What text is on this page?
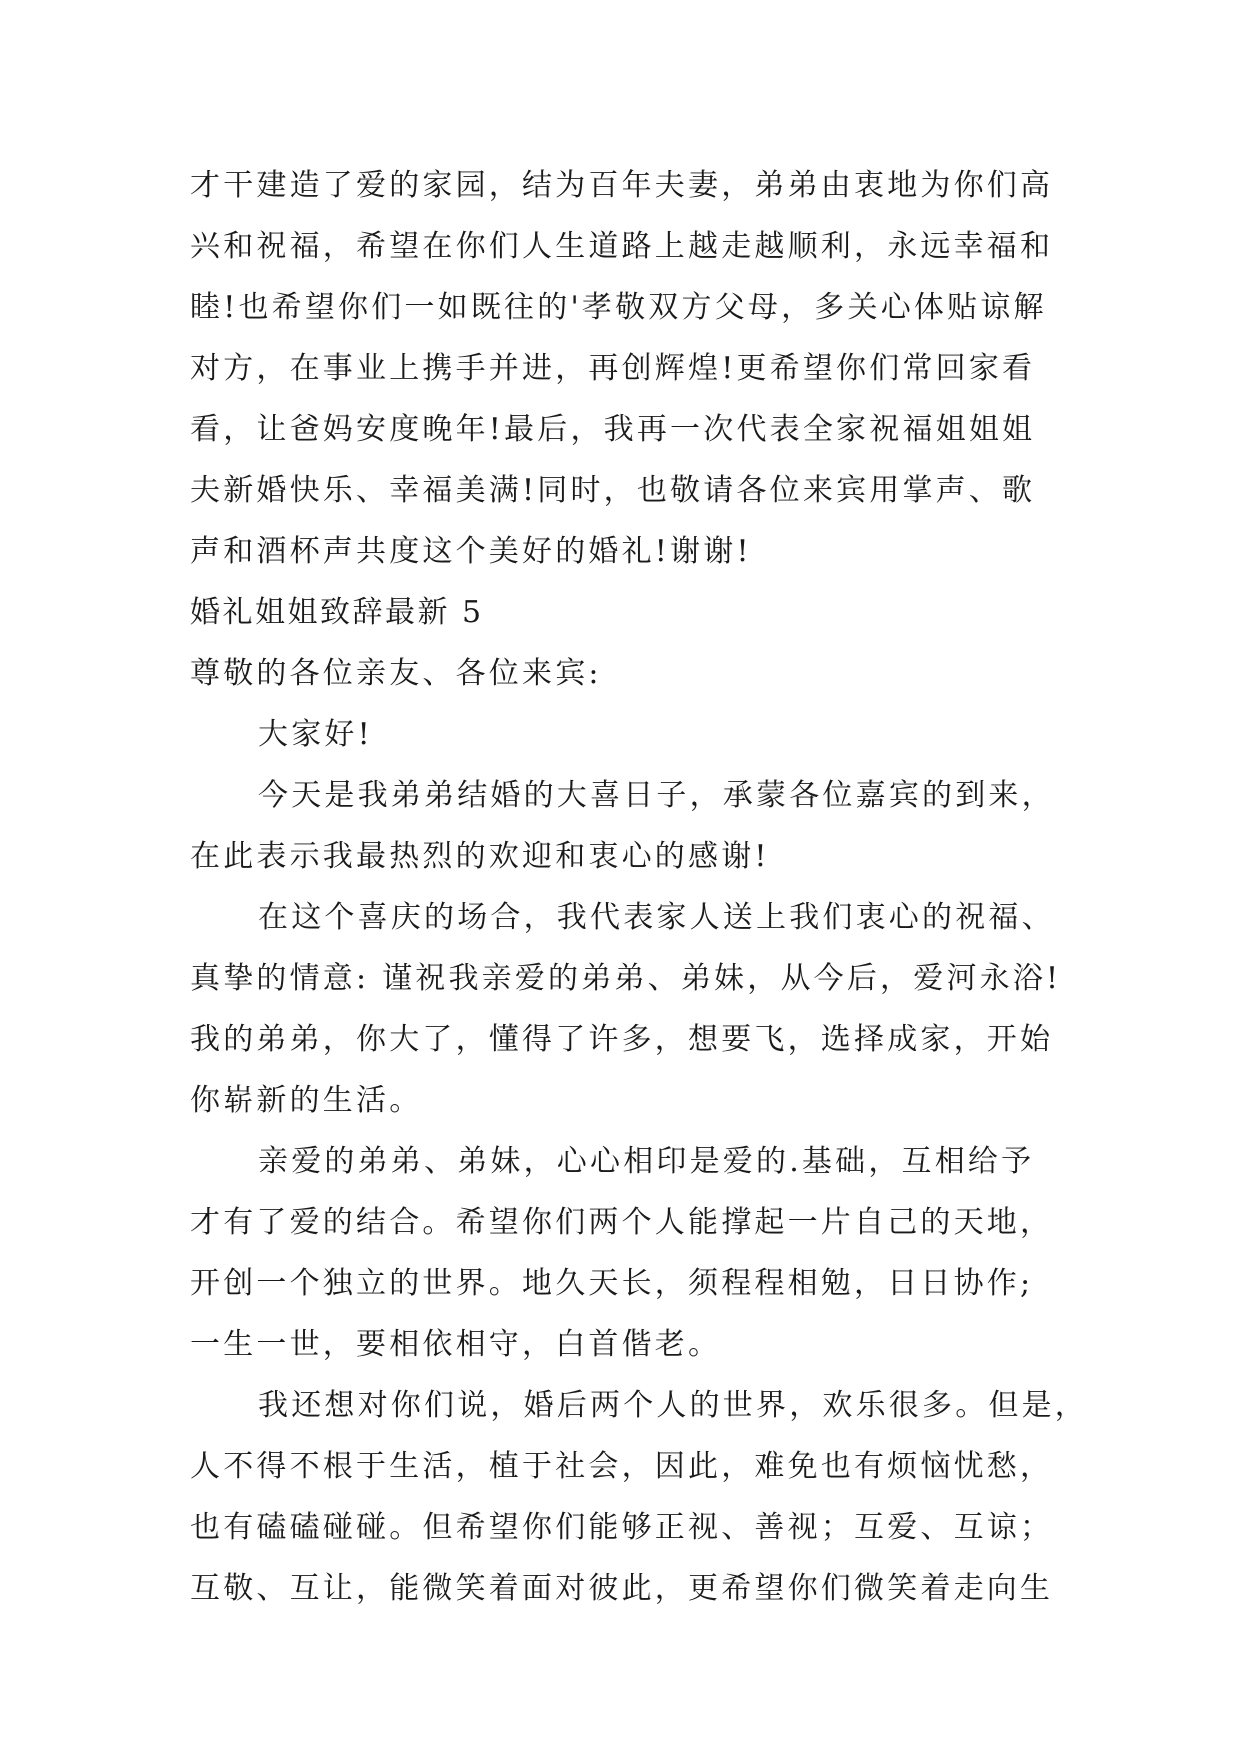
才干建造了爱的家园，结为百年夫妻，弟弟由衷地为你们高
兴和祝福，希望在你们人生道路上越走越顺利，永远幸福和
睦!也希望你们一如既往的'孝敬双方父母，多关心体贴谅解
对方，在事业上携手并进，再创辉煌!更希望你们常回家看
看，让爸妈安度晚年!最后，我再一次代表全家祝福姐姐姐
夫新婚快乐、幸福美满!同时，也敬请各位来宾用掌声、歌
声和酒杯声共度这个美好的婚礼!谢谢!
婚礼姐姐致辞最新 5
尊敬的各位亲友、各位来宾:
大家好!
今天是我弟弟结婚的大喜日子，承蒙各位嘉宾的到来，
在此表示我最热烈的欢迎和衷心的感谢!
在这个喜庆的场合，我代表家人送上我们衷心的祝福、
真挚的情意: 谨祝我亲爱的弟弟、弟妹，从今后，爱河永浴!
我的弟弟，你大了，懂得了许多，想要飞，选择成家，开始
你崭新的生活。
亲爱的弟弟、弟妹，心心相印是爱的.基础，互相给予
才有了爱的结合。希望你们两个人能撑起一片自己的天地，
开创一个独立的世界。地久天长，须程程相勉，日日协作;
一生一世，要相依相守，白首偕老。
我还想对你们说，婚后两个人的世界，欢乐很多。但是，
人不得不根于生活，植于社会，因此，难免也有烦恼忧愁，
也有磕磕碰碰。但希望你们能够正视、善视；互爱、互谅；
互敬、互让，能微笑着面对彼此，更希望你们微笑着走向生
